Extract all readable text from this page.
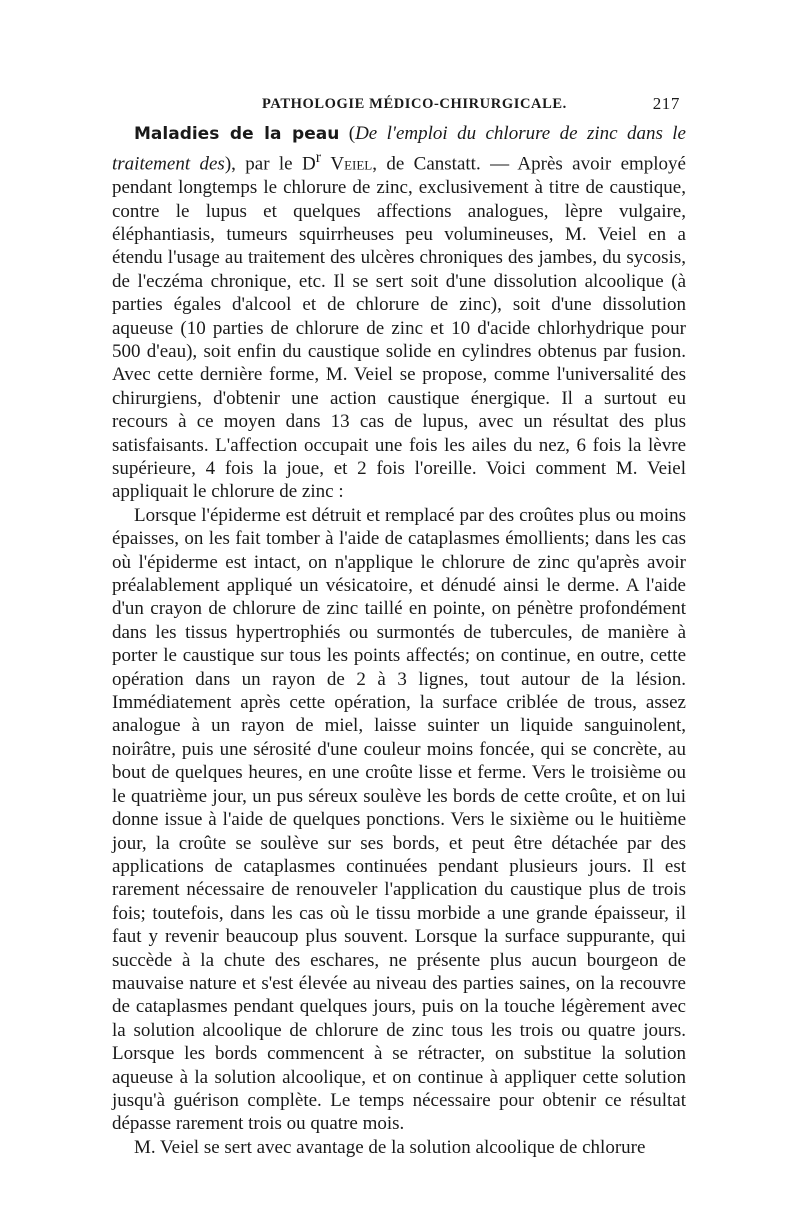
PATHOLOGIE MÉDICO-CHIRURGICALE.	217

Maladies de la peau (De l'emploi du chlorure de zinc dans le traitement des), par le $D^r$ Veiel, de Canstatt. — Après avoir employé pendant longtemps le chlorure de zinc, exclusivement à titre de caustique, contre le lupus et quelques affections analogues, lèpre vulgaire, éléphantiasis, tumeurs squirrheuses peu volumineuses, M. Veiel en a étendu l'usage au traitement des ulcères chroniques des jambes, du sycosis, de l'eczéma chronique, etc. Il se sert soit d'une dissolution alcoolique (à parties égales d'alcool et de chlorure de zinc), soit d'une dissolution aqueuse (10 parties de chlorure de zinc et 10 d'acide chlorhydrique pour 500 d'eau), soit enfin du caustique solide en cylindres obtenus par fusion. Avec cette dernière forme, M. Veiel se propose, comme l'universalité des chirurgiens, d'obtenir une action caustique énergique. Il a surtout eu recours à ce moyen dans 13 cas de lupus, avec un résultat des plus satisfaisants. L'affection occupait une fois les ailes du nez, 6 fois la lèvre supérieure, 4 fois la joue, et 2 fois l'oreille. Voici comment M. Veiel appliquait le chlorure de zinc :

Lorsque l'épiderme est détruit et remplacé par des croûtes plus ou moins épaisses, on les fait tomber à l'aide de cataplasmes émollients; dans les cas où l'épiderme est intact, on n'applique le chlorure de zinc qu'après avoir préalablement appliqué un vésicatoire, et dénudé ainsi le derme. A l'aide d'un crayon de chlorure de zinc taillé en pointe, on pénètre profondément dans les tissus hypertrophiés ou surmontés de tubercules, de manière à porter le caustique sur tous les points affectés; on continue, en outre, cette opération dans un rayon de 2 à 3 lignes, tout autour de la lésion. Immédiatement après cette opération, la surface criblée de trous, assez analogue à un rayon de miel, laisse suinter un liquide sanguinolent, noirâtre, puis une sérosité d'une couleur moins foncée, qui se concrète, au bout de quelques heures, en une croûte lisse et ferme. Vers le troisième ou le quatrième jour, un pus séreux soulève les bords de cette croûte, et on lui donne issue à l'aide de quelques ponctions. Vers le sixième ou le huitième jour, la croûte se soulève sur ses bords, et peut être détachée par des applications de cataplasmes continuées pendant plusieurs jours. Il est rarement nécessaire de renouveler l'application du caustique plus de trois fois; toutefois, dans les cas où le tissu morbide a une grande épaisseur, il faut y revenir beaucoup plus souvent. Lorsque la surface suppurante, qui succède à la chute des eschares, ne présente plus aucun bourgeon de mauvaise nature et s'est élevée au niveau des parties saines, on la recouvre de cataplasmes pendant quelques jours, puis on la touche légèrement avec la solution alcoolique de chlorure de zinc tous les trois ou quatre jours. Lorsque les bords commencent à se rétracter, on substitue la solution aqueuse à la solution alcoolique, et on continue à appliquer cette solution jusqu'à guérison complète. Le temps nécessaire pour obtenir ce résultat dépasse rarement trois ou quatre mois.

M. Veiel se sert avec avantage de la solution alcoolique de chlorure
